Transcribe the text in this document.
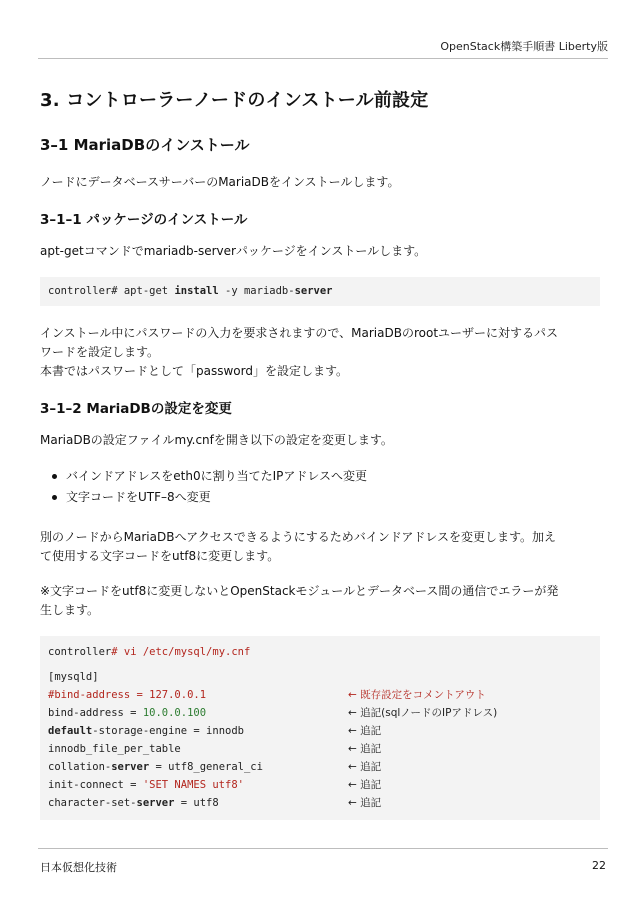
OpenStack構築手順書 Liberty版
3. コントローラーノードのインストール前設定
3–1 MariaDBのインストール

ノードにデータベースサーバーのMariaDBをインストールします。

3–1–1 パッケージのインストール

apt-getコマンドでmariadb-serverパッケージをインストールします。

controller# apt-get install -y mariadb-server

インストール中にパスワードの入力を要求されますので、MariaDBのrootユーザーに対するパス
ワードを設定します。
本書ではパスワードとして「password」を設定します。

3–1–2 MariaDBの設定を変更

MariaDBの設定ファイルmy.cnfを開き以下の設定を変更します。

バインドアドレスをeth0に割り当てたIPアドレスへ変更
文字コードをUTF–8へ変更

別のノードからMariaDBへアクセスできるようにするためバインドアドレスを変更します。加え
て使用する文字コードをutf8に変更します。

※文字コードをutf8に変更しないとOpenStackモジュールとデータベース間の通信でエラーが発
生します。

controller# vi /etc/mysql/my.cnf
[mysqld]
#bind-address = 127.0.0.1	← 既存設定をコメントアウト
bind-address = 10.0.0.100	← 追記(sqlノードのIPアドレス)
default-storage-engine = innodb	← 追記
innodb_file_per_table	← 追記
collation-server = utf8_general_ci	← 追記
init-connect = 'SET NAMES utf8'	← 追記
character-set-server = utf8	← 追記
日本仮想化技術	22
